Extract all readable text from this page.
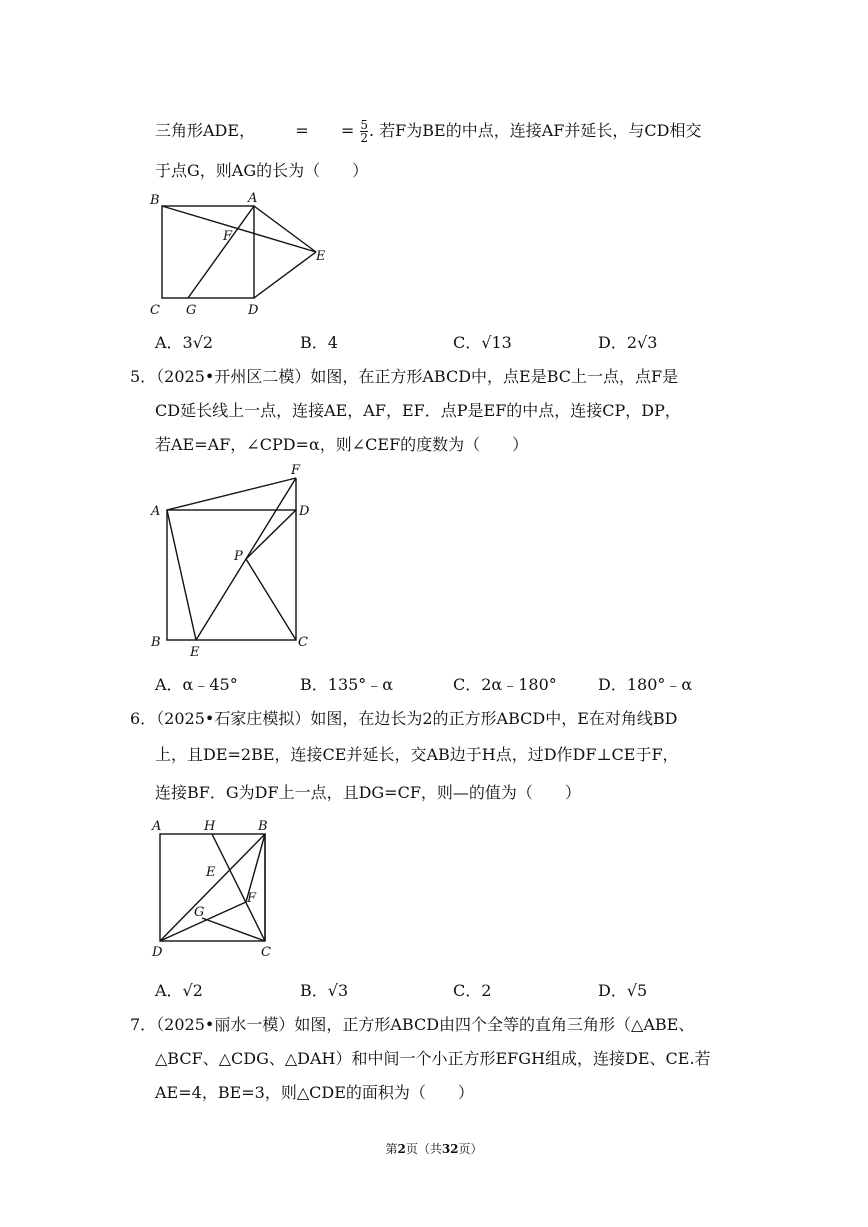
三角形ADE，	= = $\frac{5}{2}$ . 若F为BE的中点，连接AF并延长，与CD相交
于点G，则AG的长为（　　）
B	A
F
E
C G	D
A．3√2	B．4	C．√13	D．2√3
5．（2025•开州区二模）如图，在正方形ABCD中，点E是BC上一点，点F是
CD延长线上一点，连接AE，AF，EF．点P是EF的中点，连接CP，DP，
若AE=AF，∠CPD=α，则∠CEF的度数为（　　）
F
A	D
P
B
E
C
A．α﹣45°	B．135°﹣α	C．2α﹣180°	D．180°﹣α
6．（2025•石家庄模拟）如图，在边长为2的正方形ABCD中，E在对角线BD
上，且DE=2BE，连接CE并延长，交AB边于H点，过D作DF⊥CE于F，
连接BF．G为DF上一点，且DG=CF，则—的值为（　　）
A	H	B
E
F
G
D	C
A．√2	B．√3	C．2	D．√5
7．（2025•丽水一模）如图，正方形ABCD由四个全等的直角三角形（△ABE、
△BCF、△CDG、△DAH）和中间一个小正方形EFGH组成，连接DE、CE.若
AE=4，BE=3，则△CDE的面积为（　　）
第2页（共32页）
